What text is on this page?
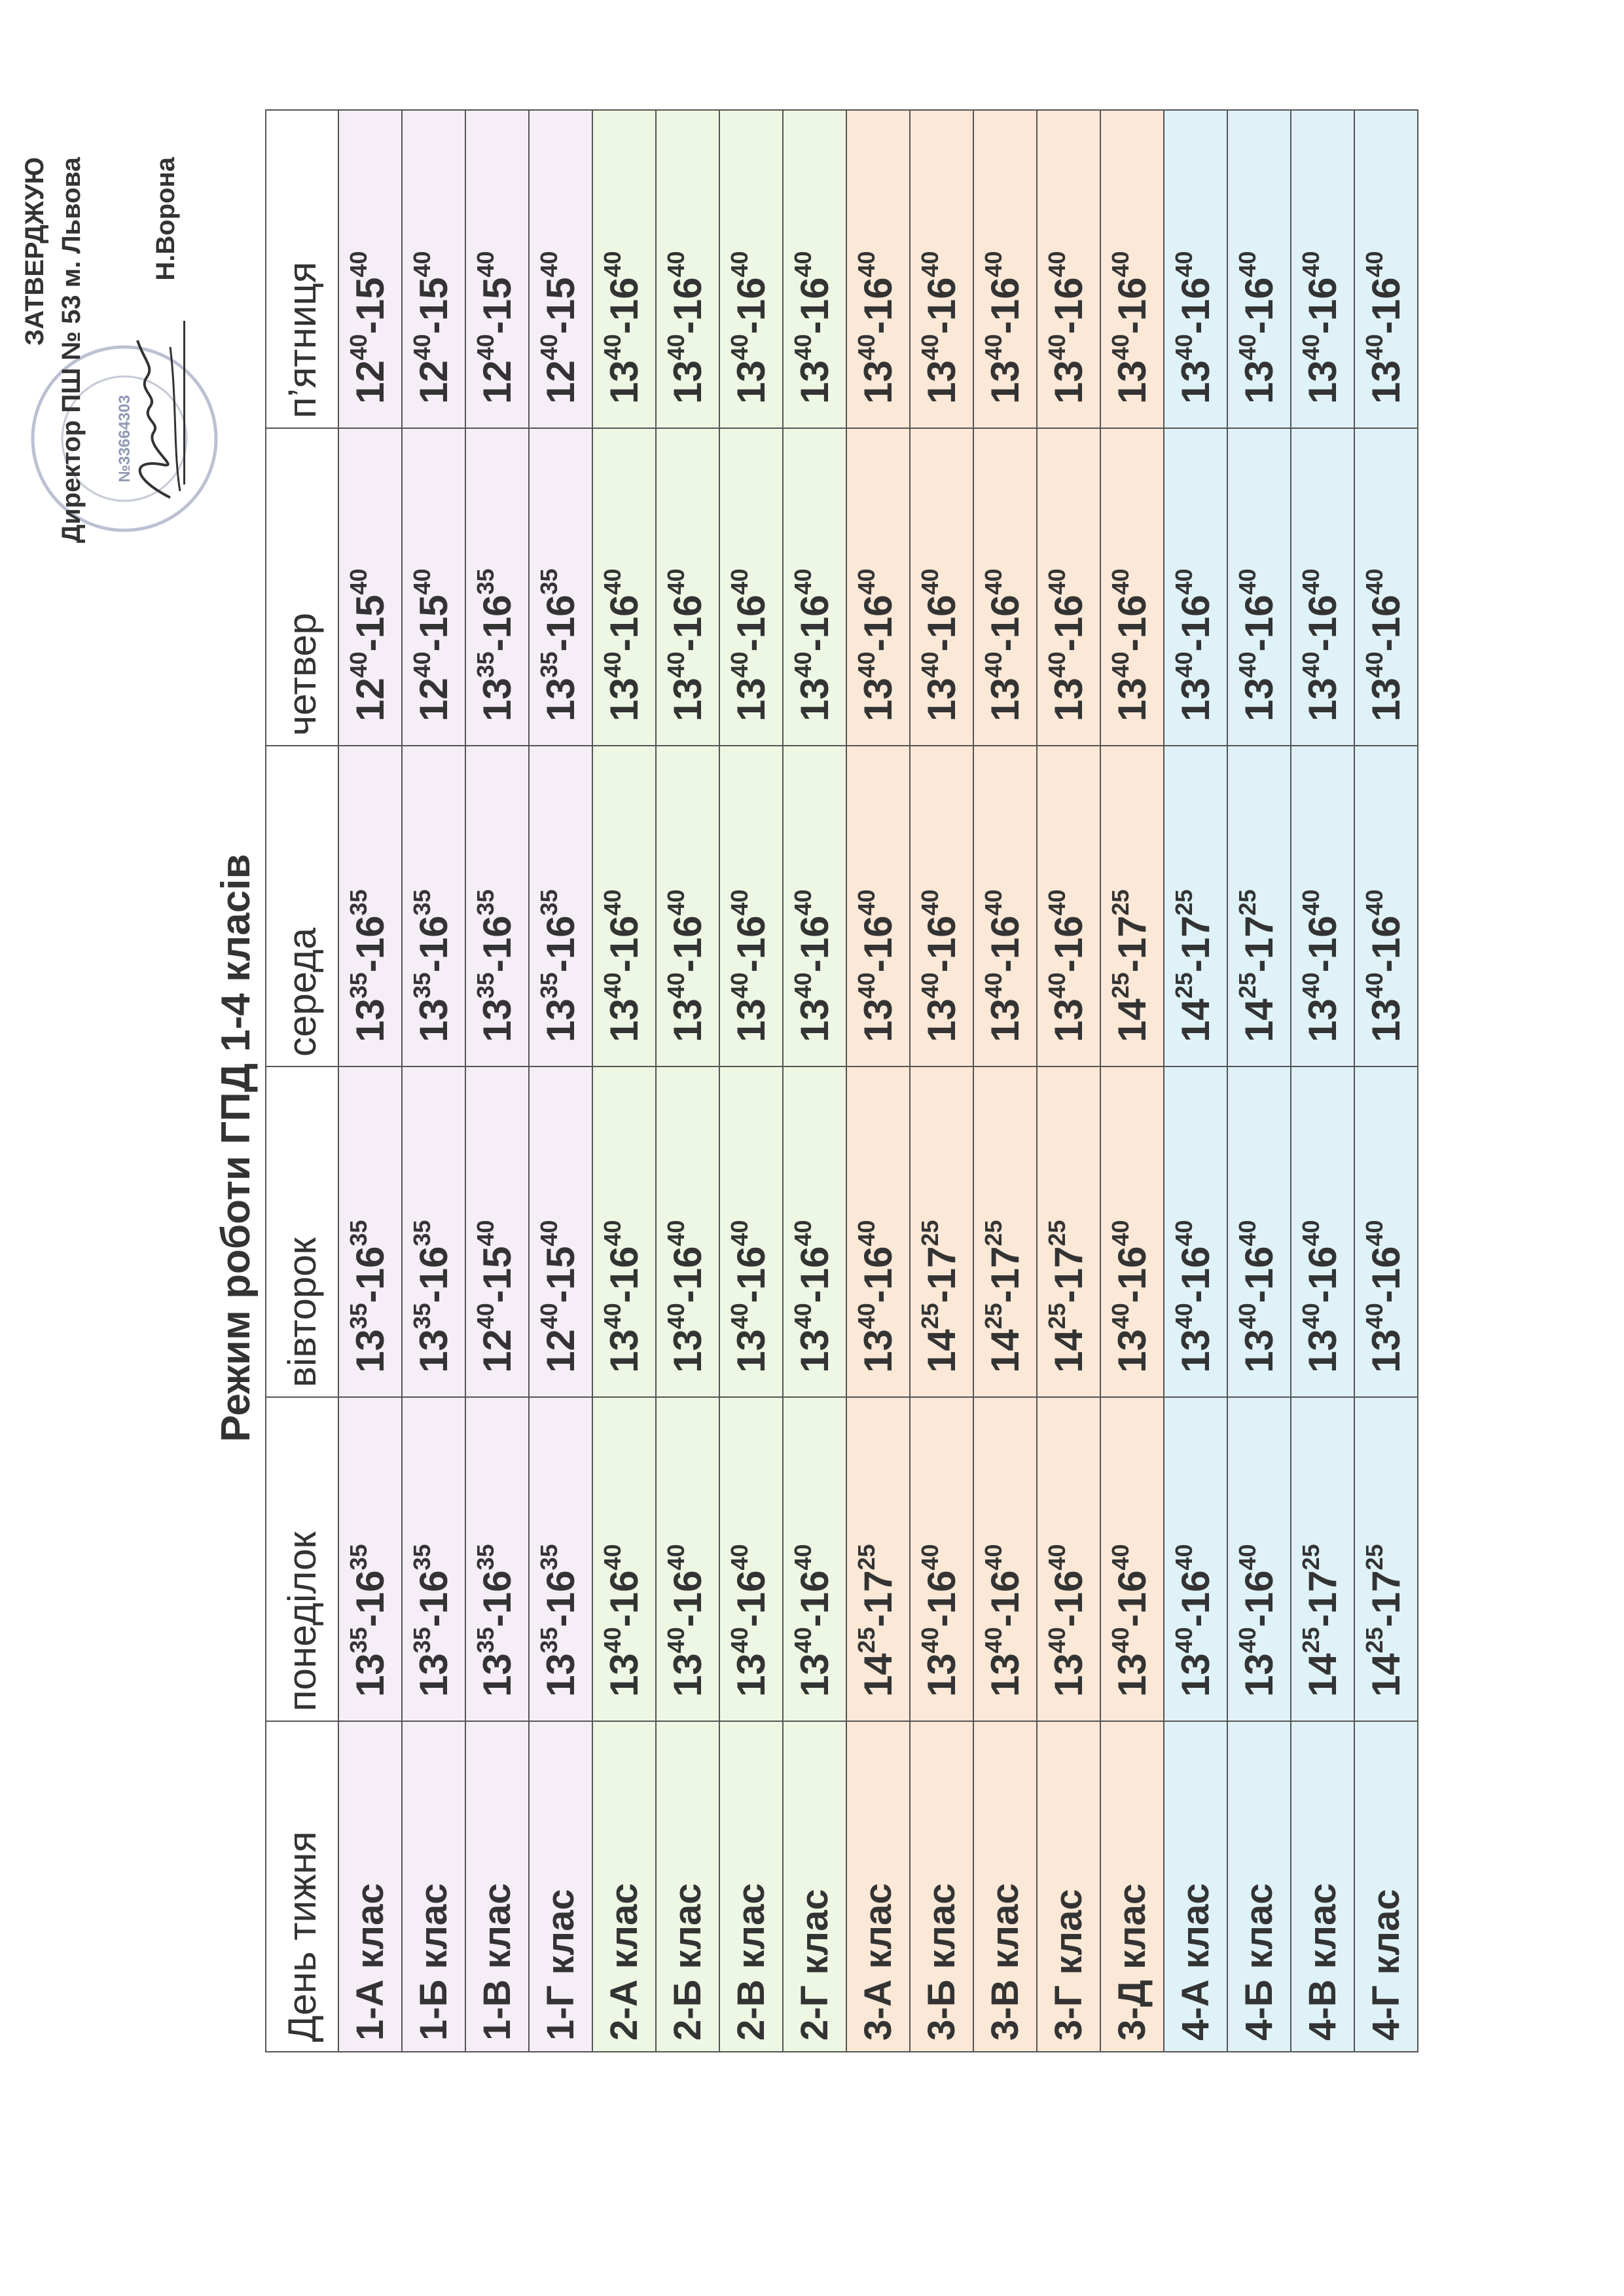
№33664303
ЗАТВЕРДЖУЮ Директор ПШ № 53 м. Львова	Н.Ворона
Режим роботи ГПД 1-4 класів
День тижня	понеділок	вівторок	середа	четвер	п’ятниця
1-А клас	$13^{35}-16^{35}$	$13^{35}-16^{35}$	$13^{35}-16^{35}$	$12^{40}-15^{40}$	$12^{40}-15^{40}$
1-Б клас	$13^{35}-16^{35}$	$13^{35}-16^{35}$	$13^{35}-16^{35}$	$12^{40}-15^{40}$	$12^{40}-15^{40}$
1-В клас	$13^{35}-16^{35}$	$12^{40}-15^{40}$	$13^{35}-16^{35}$	$13^{35}-16^{35}$	$12^{40}-15^{40}$
1-Г клас	$13^{35}-16^{35}$	$12^{40}-15^{40}$	$13^{35}-16^{35}$	$13^{35}-16^{35}$	$12^{40}-15^{40}$
2-А клас	$13^{40}-16^{40}$	$13^{40}-16^{40}$	$13^{40}-16^{40}$	$13^{40}-16^{40}$	$13^{40}-16^{40}$
2-Б клас	$13^{40}-16^{40}$	$13^{40}-16^{40}$	$13^{40}-16^{40}$	$13^{40}-16^{40}$	$13^{40}-16^{40}$
2-В клас	$13^{40}-16^{40}$	$13^{40}-16^{40}$	$13^{40}-16^{40}$	$13^{40}-16^{40}$	$13^{40}-16^{40}$
2-Г клас	$13^{40}-16^{40}$	$13^{40}-16^{40}$	$13^{40}-16^{40}$	$13^{40}-16^{40}$	$13^{40}-16^{40}$
3-А клас	$14^{25}-17^{25}$	$13^{40}-16^{40}$	$13^{40}-16^{40}$	$13^{40}-16^{40}$	$13^{40}-16^{40}$
3-Б клас	$13^{40}-16^{40}$	$14^{25}-17^{25}$	$13^{40}-16^{40}$	$13^{40}-16^{40}$	$13^{40}-16^{40}$
3-В клас	$13^{40}-16^{40}$	$14^{25}-17^{25}$	$13^{40}-16^{40}$	$13^{40}-16^{40}$	$13^{40}-16^{40}$
3-Г клас	$13^{40}-16^{40}$	$14^{25}-17^{25}$	$13^{40}-16^{40}$	$13^{40}-16^{40}$	$13^{40}-16^{40}$
3-Д клас	$13^{40}-16^{40}$	$13^{40}-16^{40}$	$14^{25}-17^{25}$	$13^{40}-16^{40}$	$13^{40}-16^{40}$
4-А клас	$13^{40}-16^{40}$	$13^{40}-16^{40}$	$14^{25}-17^{25}$	$13^{40}-16^{40}$	$13^{40}-16^{40}$
4-Б клас	$13^{40}-16^{40}$	$13^{40}-16^{40}$	$14^{25}-17^{25}$	$13^{40}-16^{40}$	$13^{40}-16^{40}$
4-В клас	$14^{25}-17^{25}$	$13^{40}-16^{40}$	$13^{40}-16^{40}$	$13^{40}-16^{40}$	$13^{40}-16^{40}$
4-Г клас	$14^{25}-17^{25}$	$13^{40}-16^{40}$	$13^{40}-16^{40}$	$13^{40}-16^{40}$	$13^{40}-16^{40}$
